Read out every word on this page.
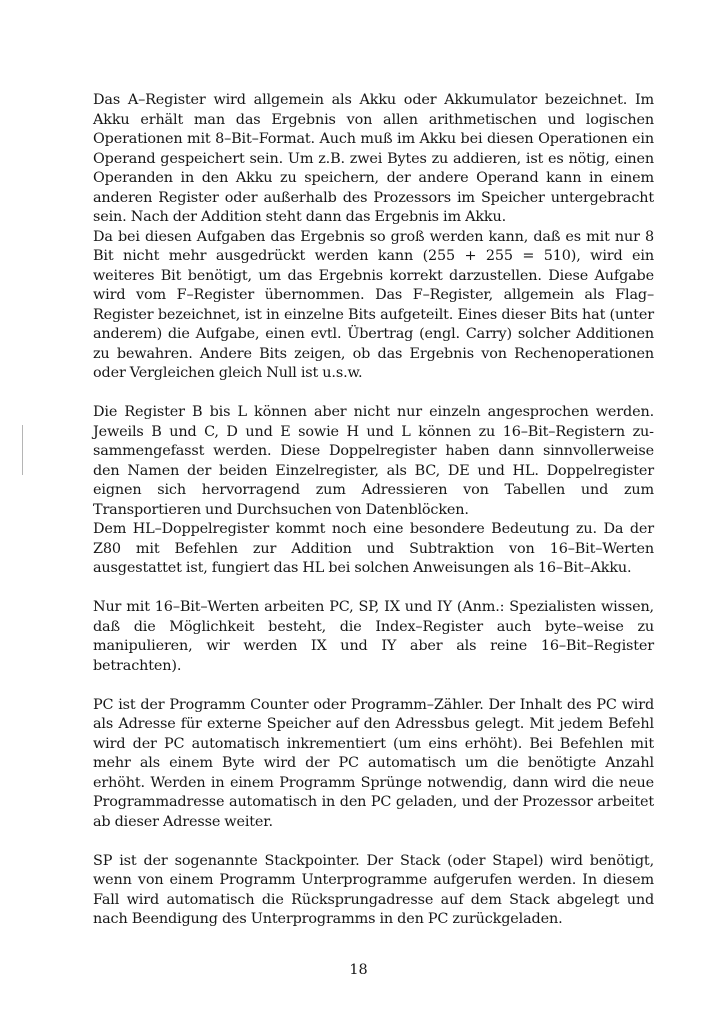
Das A–Register wird allgemein als Akku oder Akkumulator bezeichnet. Im Akku erhält man das Ergebnis von allen arithmetischen und logischen Operationen mit 8–Bit–Format. Auch muß im Akku bei diesen Operationen ein Operand gespeichert sein. Um z.B. zwei Bytes zu addieren, ist es nötig, einen Operanden in den Akku zu speichern, der andere Operand kann in einem anderen Register oder außerhalb des Prozessors im Speicher untergebracht sein. Nach der Addition steht dann das Ergebnis im Akku.

Da bei diesen Aufgaben das Ergebnis so groß werden kann, daß es mit nur 8 Bit nicht mehr ausgedrückt werden kann (255 + 255 = 510), wird ein weiteres Bit benötigt, um das Ergebnis korrekt darzustellen. Diese Aufgabe wird vom F–Register übernommen. Das F–Register, allgemein als Flag–Register bezeichnet, ist in einzelne Bits aufgeteilt. Eines dieser Bits hat (unter anderem) die Aufgabe, einen evtl. Übertrag (engl. Carry) solcher Additionen zu bewahren. Andere Bits zeigen, ob das Ergebnis von Rechenoperationen oder Vergleichen gleich Null ist u.s.w.

Die Register B bis L können aber nicht nur einzeln angesprochen werden. Jeweils B und C, D und E sowie H und L können zu 16–Bit–Registern zusammengefasst werden. Diese Doppelregister haben dann sinnvollerweise den Namen der beiden Einzelregister, als BC, DE und HL. Doppelregister eignen sich hervorragend zum Adressieren von Tabellen und zum Transportieren und Durchsuchen von Datenblöcken.

Dem HL–Doppelregister kommt noch eine besondere Bedeutung zu. Da der Z80 mit Befehlen zur Addition und Subtraktion von 16–Bit–Werten ausgestattet ist, fungiert das HL bei solchen Anweisungen als 16–Bit–Akku.

Nur mit 16–Bit–Werten arbeiten PC, SP, IX und IY (Anm.: Spezialisten wissen, daß die Möglichkeit besteht, die Index–Register auch byte–weise zu manipulieren, wir werden IX und IY aber als reine 16–Bit–Register betrachten).

PC ist der Programm Counter oder Programm–Zähler. Der Inhalt des PC wird als Adresse für externe Speicher auf den Adressbus gelegt. Mit jedem Befehl wird der PC automatisch inkrementiert (um eins erhöht). Bei Befehlen mit mehr als einem Byte wird der PC automatisch um die benötigte Anzahl erhöht. Werden in einem Programm Sprünge notwendig, dann wird die neue Programmadresse automatisch in den PC geladen, und der Prozessor arbeitet ab dieser Adresse weiter.

SP ist der sogenannte Stackpointer. Der Stack (oder Stapel) wird benötigt, wenn von einem Programm Unterprogramme aufgerufen werden. In diesem Fall wird automatisch die Rücksprungadresse auf dem Stack abgelegt und nach Beendigung des Unterprogramms in den PC zurückgeladen.

18
